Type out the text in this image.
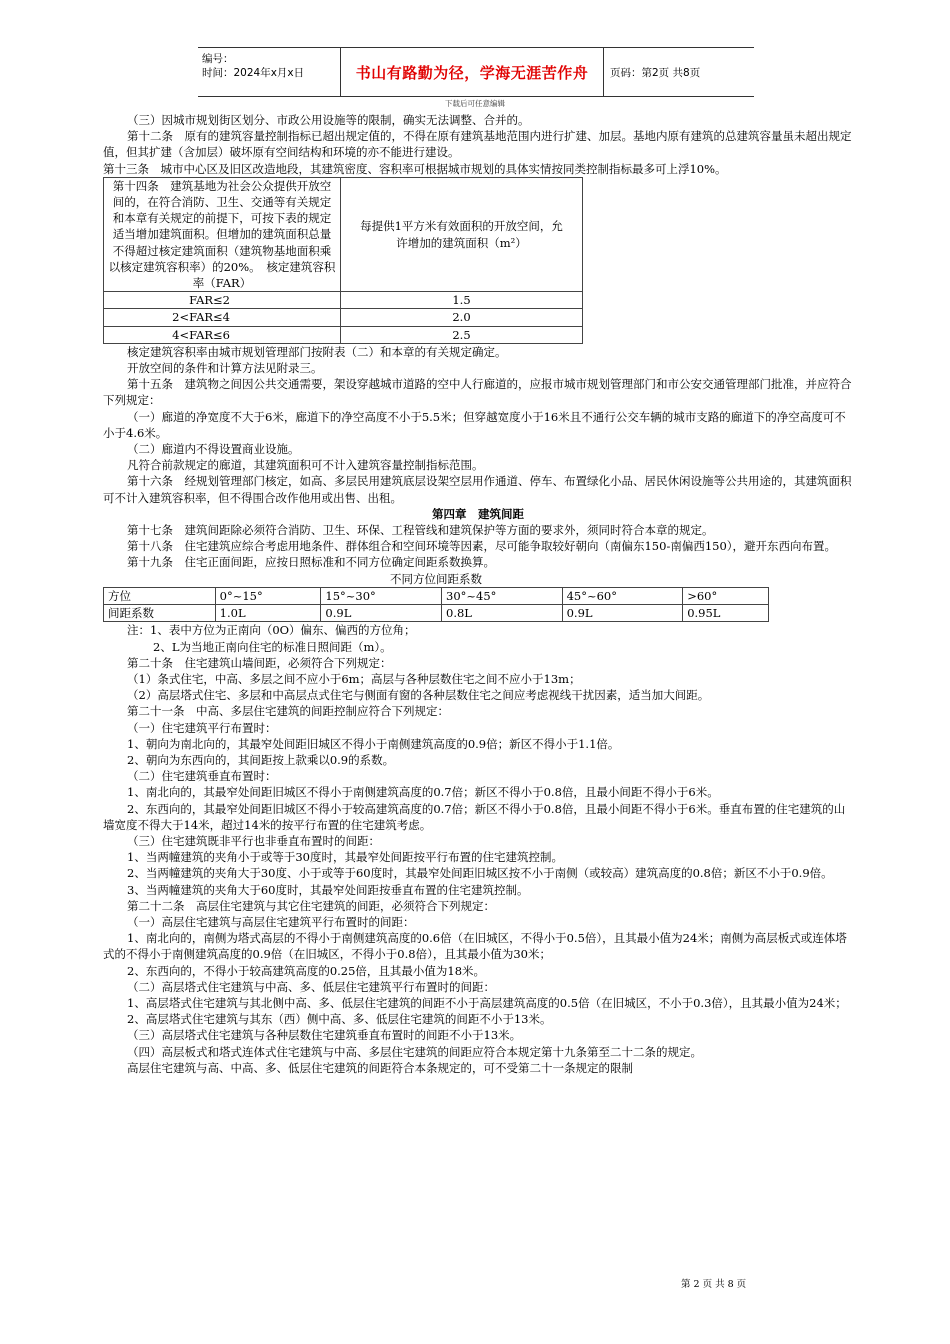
编号：
时间：2024年x月x日	书山有路勤为径，学海无涯苦作舟	页码：第2页 共8页
下载后可任意编辑

（三）因城市规划街区划分、市政公用设施等的限制，确实无法调整、合并的。

第十二条　原有的建筑容量控制指标已超出规定值的，不得在原有建筑基地范围内进行扩建、加层。基地内原有建筑的总建筑容量虽未超出规定值，但其扩建（含加层）破坏原有空间结构和环境的亦不能进行建设。

第十三条　城市中心区及旧区改造地段，其建筑密度、容积率可根据城市规划的具体实情按同类控制指标最多可上浮10%。

第十四条　建筑基地为社会公众提供开放空间的，在符合消防、卫生、交通等有关规定和本章有关规定的前提下，可按下表的规定适当增加建筑面积。但增加的建筑面积总量不得超过核定建筑面积（建筑物基地面积乘以核定建筑容积率）的20%。　核定建筑容积率（FAR）	每提供1平方米有效面积的开放空间，允许增加的建筑面积（m²）
FAR≤2	1.5
2<FAR≤4	2.0
4<FAR≤6	2.5

核定建筑容积率由城市规划管理部门按附表（二）和本章的有关规定确定。

开放空间的条件和计算方法见附录三。

第十五条　建筑物之间因公共交通需要，架设穿越城市道路的空中人行廊道的，应报市城市规划管理部门和市公安交通管理部门批准，并应符合下列规定：

（一）廊道的净宽度不大于6米，廊道下的净空高度不小于5.5米；但穿越宽度小于16米且不通行公交车辆的城市支路的廊道下的净空高度可不小于4.6米。

（二）廊道内不得设置商业设施。

凡符合前款规定的廊道，其建筑面积可不计入建筑容量控制指标范围。

第十六条　经规划管理部门核定，如高、多层民用建筑底层设架空层用作通道、停车、布置绿化小品、居民休闲设施等公共用途的，其建筑面积可不计入建筑容积率，但不得围合改作他用或出售、出租。

第四章　建筑间距

第十七条　建筑间距除必须符合消防、卫生、环保、工程管线和建筑保护等方面的要求外，须同时符合本章的规定。

第十八条　住宅建筑应综合考虑用地条件、群体组合和空间环境等因素，尽可能争取较好朝向（南偏东150-南偏西150），避开东西向布置。

第十九条　住宅正面间距，应按日照标准和不同方位确定间距系数换算。

不同方位间距系数
方位	0°~15°	15°~30°	30°~45°	45°~60°	>60°
间距系数	1.0L	0.9L	0.8L	0.9L	0.95L

注：1、表中方位为正南向（0O）偏东、偏西的方位角；

2、L为当地正南向住宅的标准日照间距（m）。

第二十条　住宅建筑山墙间距，必须符合下列规定：

（1）条式住宅，中高、多层之间不应小于6m；高层与各种层数住宅之间不应小于13m；

（2）高层塔式住宅、多层和中高层点式住宅与侧面有窗的各种层数住宅之间应考虑视线干扰因素，适当加大间距。

第二十一条　中高、多层住宅建筑的间距控制应符合下列规定：

（一）住宅建筑平行布置时：

1、朝向为南北向的，其最窄处间距旧城区不得小于南侧建筑高度的0.9倍；新区不得小于1.1倍。

2、朝向为东西向的，其间距按上款乘以0.9的系数。

（二）住宅建筑垂直布置时：

1、南北向的，其最窄处间距旧城区不得小于南侧建筑高度的0.7倍；新区不得小于0.8倍，且最小间距不得小于6米。

2、东西向的，其最窄处间距旧城区不得小于较高建筑高度的0.7倍；新区不得小于0.8倍，且最小间距不得小于6米。垂直布置的住宅建筑的山墙宽度不得大于14米，超过14米的按平行布置的住宅建筑考虑。

（三）住宅建筑既非平行也非垂直布置时的间距：

1、当两幢建筑的夹角小于或等于30度时，其最窄处间距按平行布置的住宅建筑控制。

2、当两幢建筑的夹角大于30度、小于或等于60度时，其最窄处间距旧城区按不小于南侧（或较高）建筑高度的0.8倍；新区不小于0.9倍。

3、当两幢建筑的夹角大于60度时，其最窄处间距按垂直布置的住宅建筑控制。

第二十二条　高层住宅建筑与其它住宅建筑的间距，必须符合下列规定：

（一）高层住宅建筑与高层住宅建筑平行布置时的间距：

1、南北向的，南侧为塔式高层的不得小于南侧建筑高度的0.6倍（在旧城区，不得小于0.5倍），且其最小值为24米；南侧为高层板式或连体塔式的不得小于南侧建筑高度的0.9倍（在旧城区，不得小于0.8倍），且其最小值为30米；

2、东西向的，不得小于较高建筑高度的0.25倍，且其最小值为18米。

（二）高层塔式住宅建筑与中高、多、低层住宅建筑平行布置时的间距：

1、高层塔式住宅建筑与其北侧中高、多、低层住宅建筑的间距不小于高层建筑高度的0.5倍（在旧城区，不小于0.3倍），且其最小值为24米；

2、高层塔式住宅建筑与其东（西）侧中高、多、低层住宅建筑的间距不小于13米。

（三）高层塔式住宅建筑与各种层数住宅建筑垂直布置时的间距不小于13米。

（四）高层板式和塔式连体式住宅建筑与中高、多层住宅建筑的间距应符合本规定第十九条第至二十二条的规定。

高层住宅建筑与高、中高、多、低层住宅建筑的间距符合本条规定的，可不受第二十一条规定的限制

第 2 页 共 8 页
